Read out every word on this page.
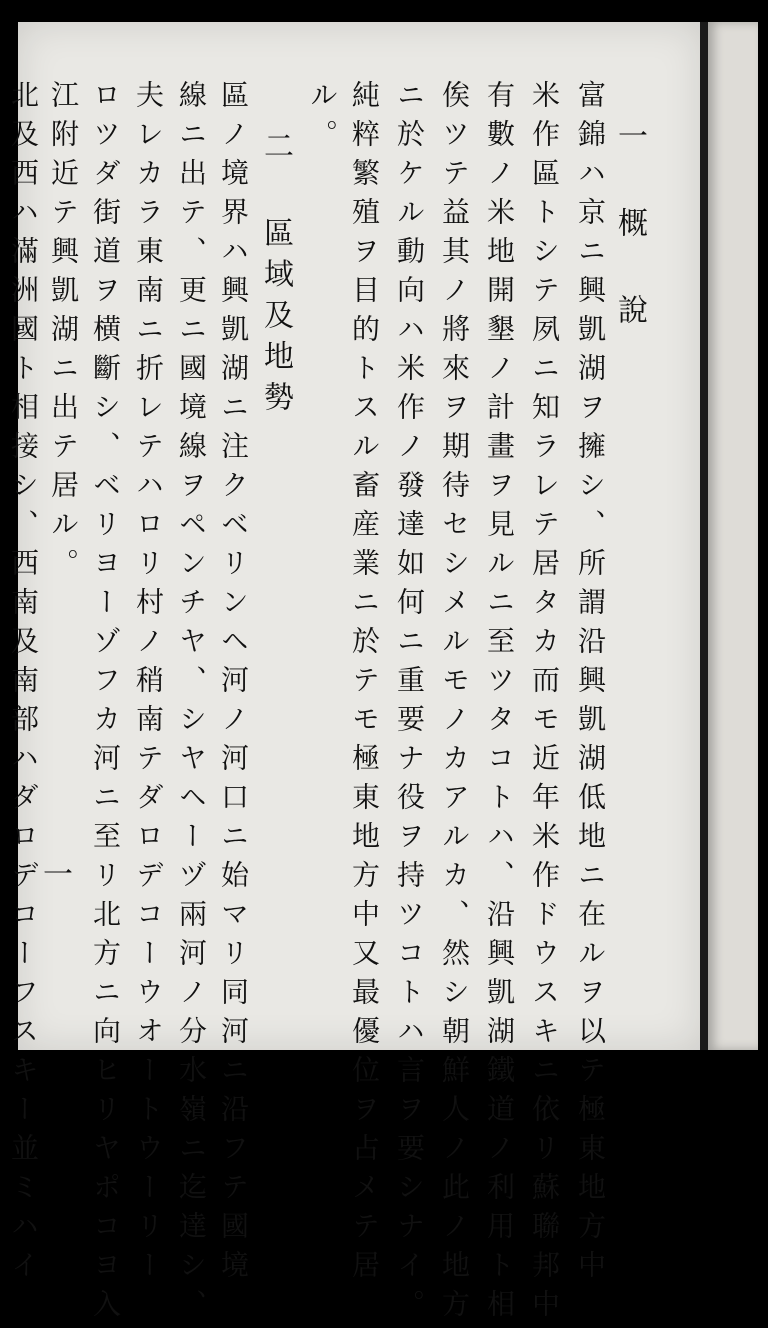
一 概 說
富錦ハ京ニ興凱湖ヲ擁シ、所謂沿興凱湖低地ニ在ルヲ以テ極東地方中
米作區トシテ夙ニ知ラレテ居タカ而モ近年米作ドウスキニ依リ蘇聯邦中
有數ノ米地開墾ノ計畫ヲ見ルニ至ツタコトハ、沿興凱湖鐵道ノ利用ト相
俟ツテ益其ノ將來ヲ期待セシメルモノカアルカ、然シ朝鮮人ノ此ノ地方
ニ於ケル動向ハ米作ノ發達如何ニ重要ナ役ヲ持ツコトハ言ヲ要シナイ。
純粹繁殖ヲ目的トスル畜産業ニ於テモ極東地方中又最優位ヲ占メテ居
ル。
二 區域及地勢
區ノ境界ハ興凱湖ニ注クベリンヘ河ノ河口ニ始マリ同河ニ沿フテ國境
線ニ出テ、更ニ國境線ヲペンチヤ、シヤヘーヅ兩河ノ分水嶺ニ迄達シ、
夫レカラ東南ニ折レテハロリ村ノ稍南テダロデコーウオートウーリー
ロツダ街道ヲ横斷シ、ベリヨーゾフカ河ニ至リ北方ニ向ヒリヤポコヨ入
江附近テ興凱湖ニ出テ居ル。
北及西ハ滿洲國ト相接シ、西南及南部ハダロデコーフスキー並ミハイ
一
